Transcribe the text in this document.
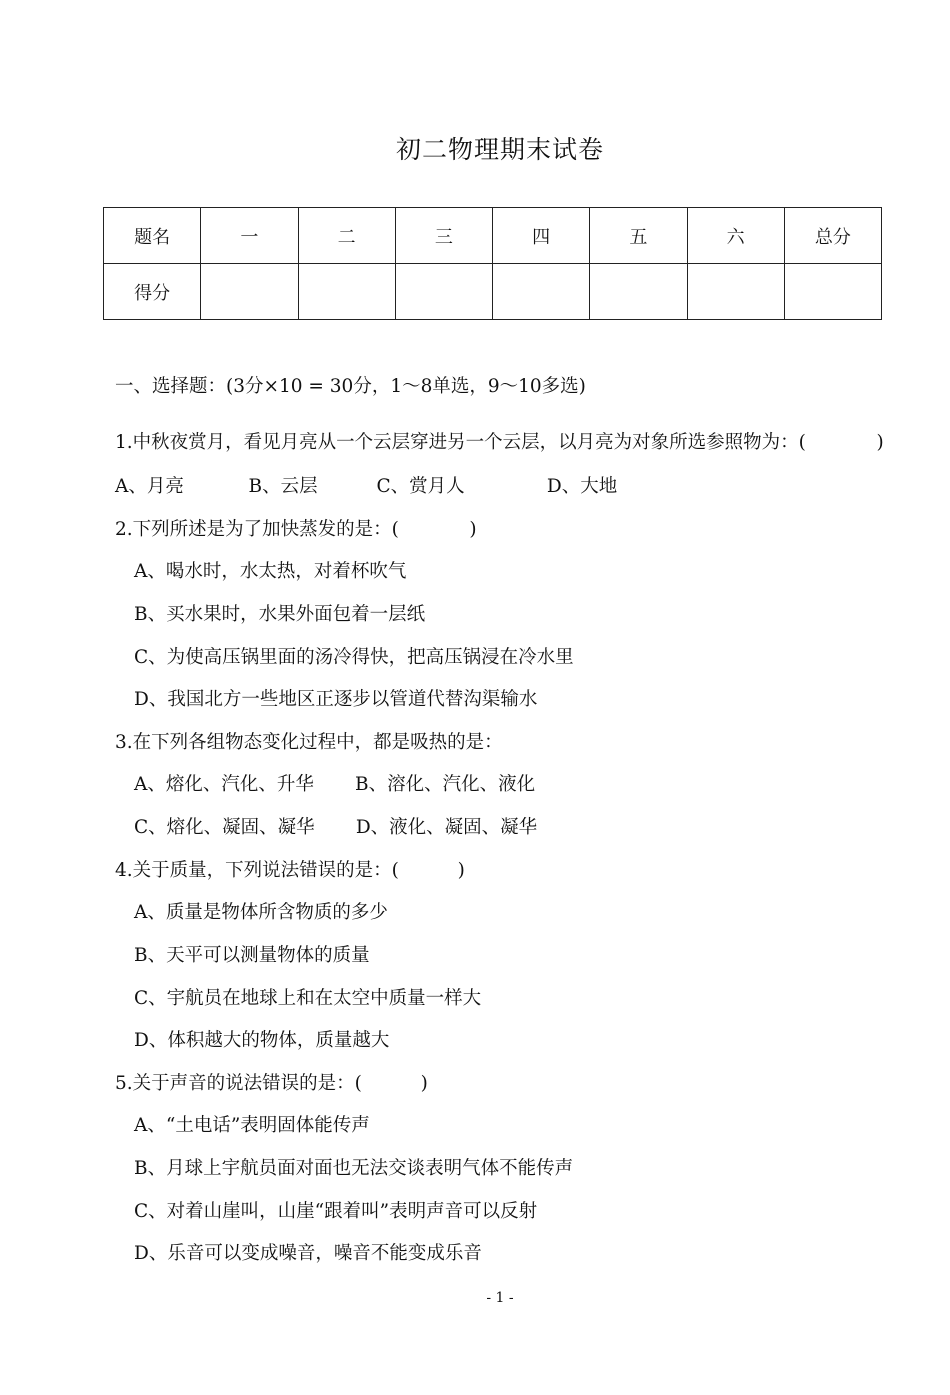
初二物理期末试卷
题名	一	二	三	四	五	六	总分
得分							
一、选择题：(3分×10 = 30分，1～8单选，9～10多选)
1.中秋夜赏月，看见月亮从一个云层穿进另一个云层，以月亮为对象所选参照物为：(            )
A、月亮           B、云层          C、赏月人              D、大地
2.下列所述是为了加快蒸发的是：(            )
A、喝水时，水太热，对着杯吹气
B、买水果时，水果外面包着一层纸
C、为使高压锅里面的汤冷得快，把高压锅浸在冷水里
D、我国北方一些地区正逐步以管道代替沟渠输水
3.在下列各组物态变化过程中，都是吸热的是：
A、熔化、汽化、升华       B、溶化、汽化、液化
C、熔化、凝固、凝华       D、液化、凝固、凝华
4.关于质量，下列说法错误的是：(          )
A、质量是物体所含物质的多少
B、天平可以测量物体的质量
C、宇航员在地球上和在太空中质量一样大
D、体积越大的物体，质量越大
5.关于声音的说法错误的是：(          )
A、“土电话”表明固体能传声
B、月球上宇航员面对面也无法交谈表明气体不能传声
C、对着山崖叫，山崖“跟着叫”表明声音可以反射
D、乐音可以变成噪音，噪音不能变成乐音
- 1 -
